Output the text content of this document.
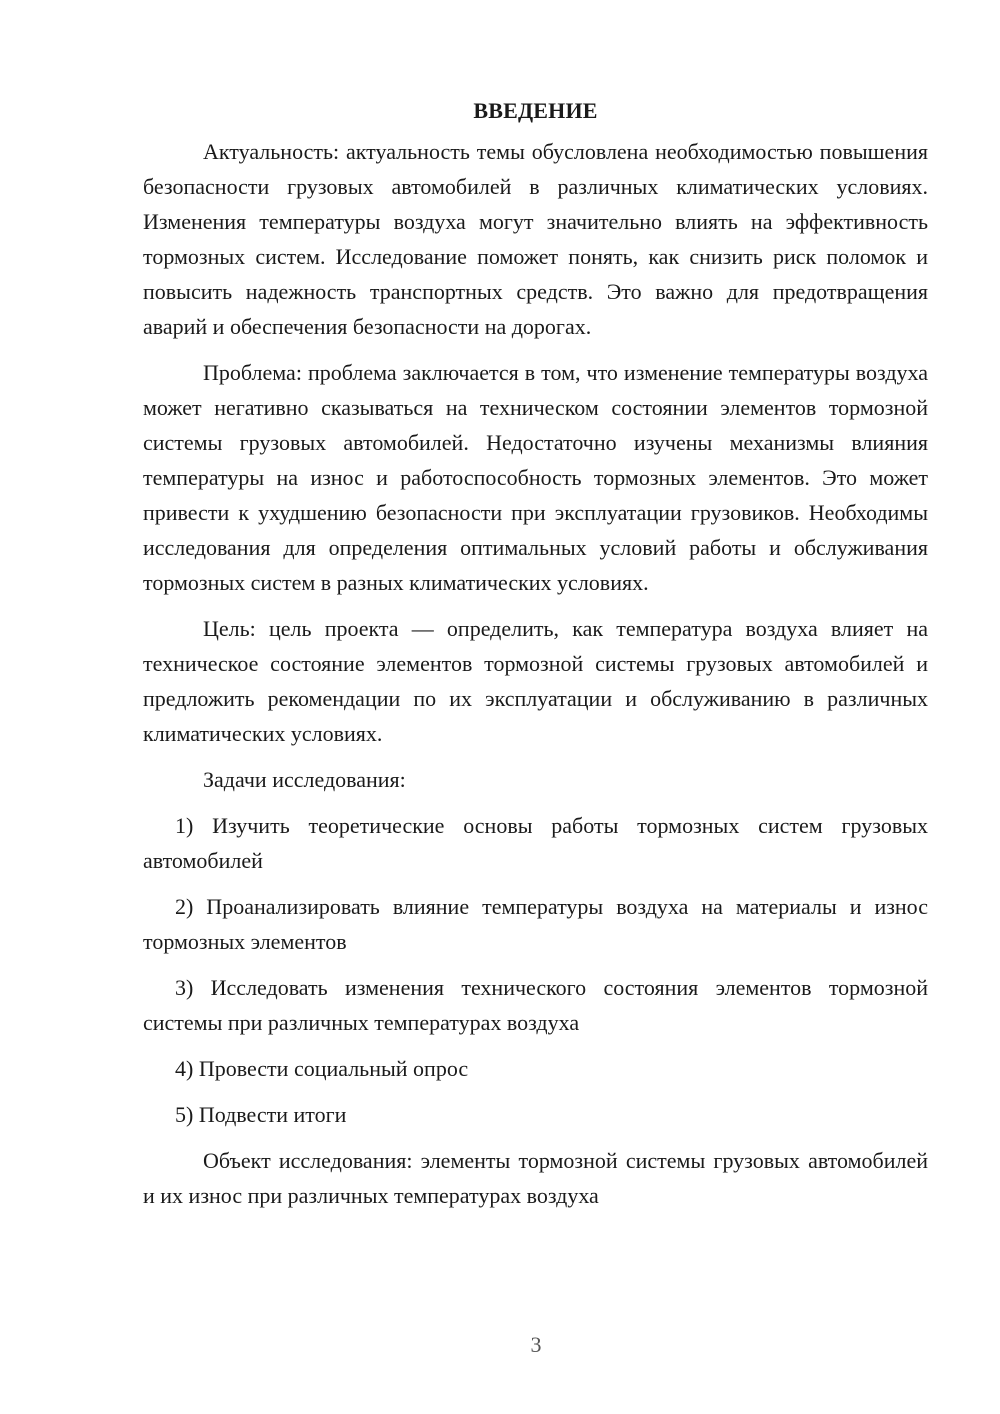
ВВЕДЕНИЕ

Актуальность: актуальность темы обусловлена необходимостью повышения безопасности грузовых автомобилей в различных климатических условиях. Изменения температуры воздуха могут значительно влиять на эффективность тормозных систем. Исследование поможет понять, как снизить риск поломок и повысить надежность транспортных средств. Это важно для предотвращения аварий и обеспечения безопасности на дорогах.

Проблема: проблема заключается в том, что изменение температуры воздуха может негативно сказываться на техническом состоянии элементов тормозной системы грузовых автомобилей. Недостаточно изучены механизмы влияния температуры на износ и работоспособность тормозных элементов. Это может привести к ухудшению безопасности при эксплуатации грузовиков. Необходимы исследования для определения оптимальных условий работы и обслуживания тормозных систем в разных климатических условиях.

Цель: цель проекта — определить, как температура воздуха влияет на техническое состояние элементов тормозной системы грузовых автомобилей и предложить рекомендации по их эксплуатации и обслуживанию в различных климатических условиях.

Задачи исследования:

1) Изучить теоретические основы работы тормозных систем грузовых автомобилей

2) Проанализировать влияние температуры воздуха на материалы и износ тормозных элементов

3) Исследовать изменения технического состояния элементов тормозной системы при различных температурах воздуха

4) Провести социальный опрос

5) Подвести итоги

Объект исследования: элементы тормозной системы грузовых автомобилей и их износ при различных температурах воздуха

3
